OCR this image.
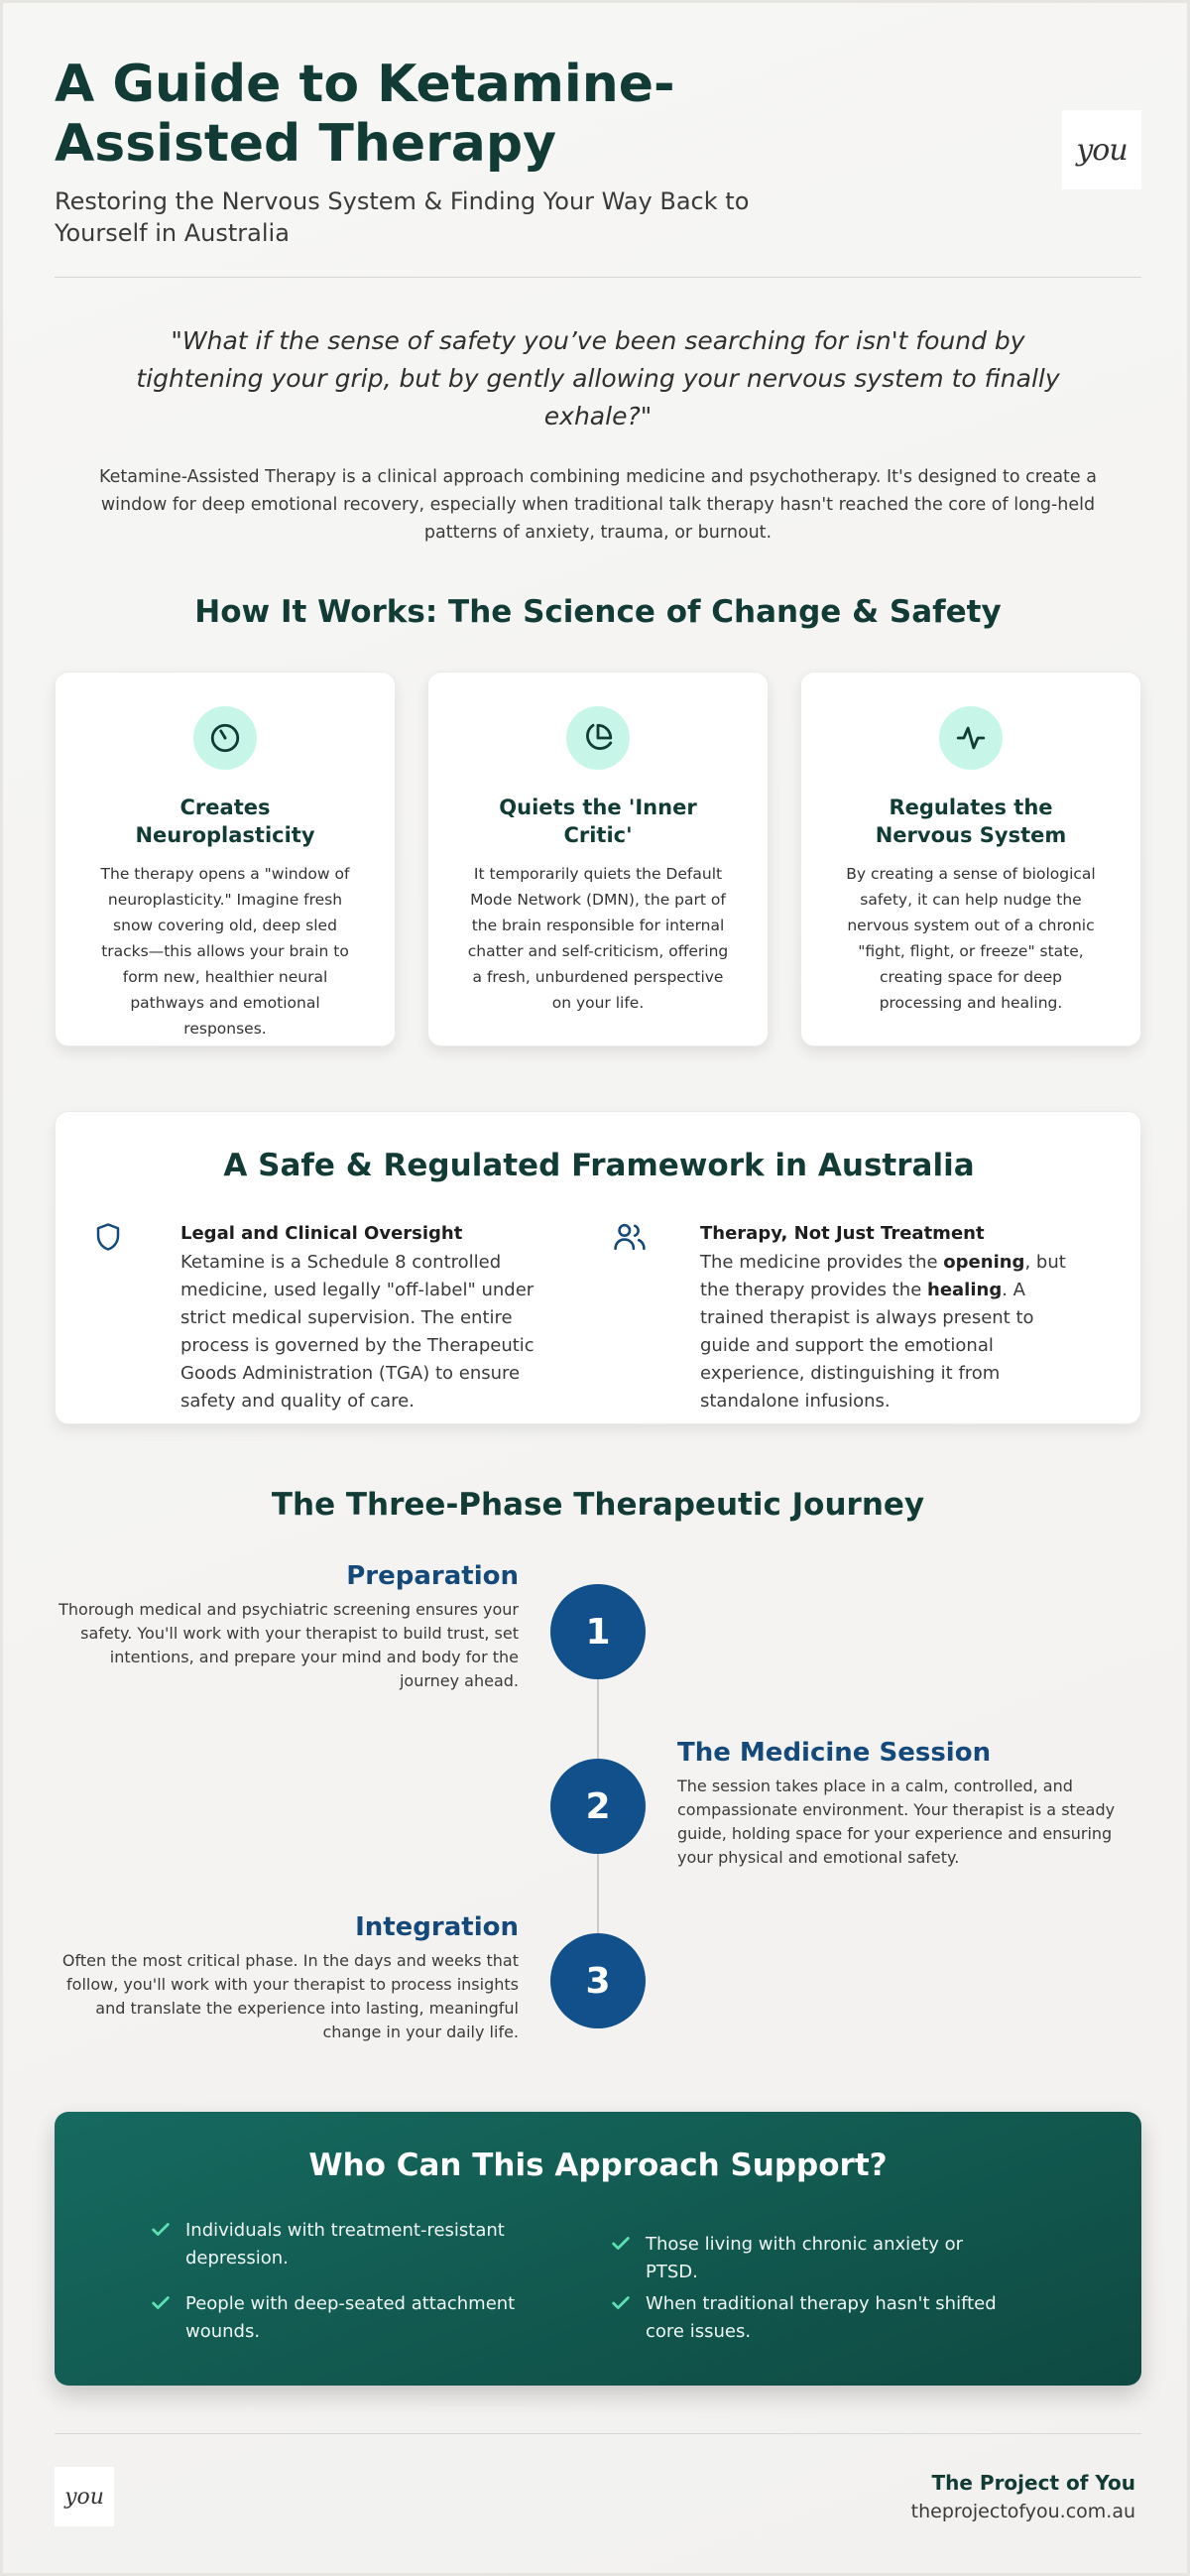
A Guide to Ketamine-Assisted Therapy
Restoring the Nervous System & Finding Your Way Back to Yourself in Australia
you
"What if the sense of safety you’ve been searching for isn't found by tightening your grip, but by gently allowing your nervous system to finally exhale?"
Ketamine-Assisted Therapy is a clinical approach combining medicine and psychotherapy. It's designed to create a window for deep emotional recovery, especially when traditional talk therapy hasn't reached the core of long-held patterns of anxiety, trauma, or burnout.
How It Works: The Science of Change & Safety
Creates Neuroplasticity

The therapy opens a "window of neuroplasticity." Imagine fresh snow covering old, deep sled tracks—this allows your brain to form new, healthier neural pathways and emotional responses.

Quiets the 'Inner Critic'

It temporarily quiets the Default Mode Network (DMN), the part of the brain responsible for internal chatter and self-criticism, offering a fresh, unburdened perspective on your life.

Regulates the Nervous System

By creating a sense of biological safety, it can help nudge the nervous system out of a chronic "fight, flight, or freeze" state, creating space for deep processing and healing.

A Safe & Regulated Framework in Australia
Legal and Clinical Oversight

Ketamine is a Schedule 8 controlled medicine, used legally "off-label" under strict medical supervision. The entire process is governed by the Therapeutic Goods Administration (TGA) to ensure safety and quality of care.

Therapy, Not Just Treatment

The medicine provides the opening, but the therapy provides the healing. A trained therapist is always present to guide and support the emotional experience, distinguishing it from standalone infusions.

The Three-Phase Therapeutic Journey
Preparation

Thorough medical and psychiatric screening ensures your safety. You'll work with your therapist to build trust, set intentions, and prepare your mind and body for the journey ahead.

1
2
The Medicine Session

The session takes place in a calm, controlled, and compassionate environment. Your therapist is a steady guide, holding space for your experience and ensuring your physical and emotional safety.

Integration

Often the most critical phase. In the days and weeks that follow, you'll work with your therapist to process insights and translate the experience into lasting, meaningful change in your daily life.

3
Who Can This Approach Support?
Individuals with treatment-resistant depression.
Those living with chronic anxiety or PTSD.
People with deep-seated attachment wounds.
When traditional therapy hasn't shifted core issues.
you
The Project of You
theprojectofyou.com.au
